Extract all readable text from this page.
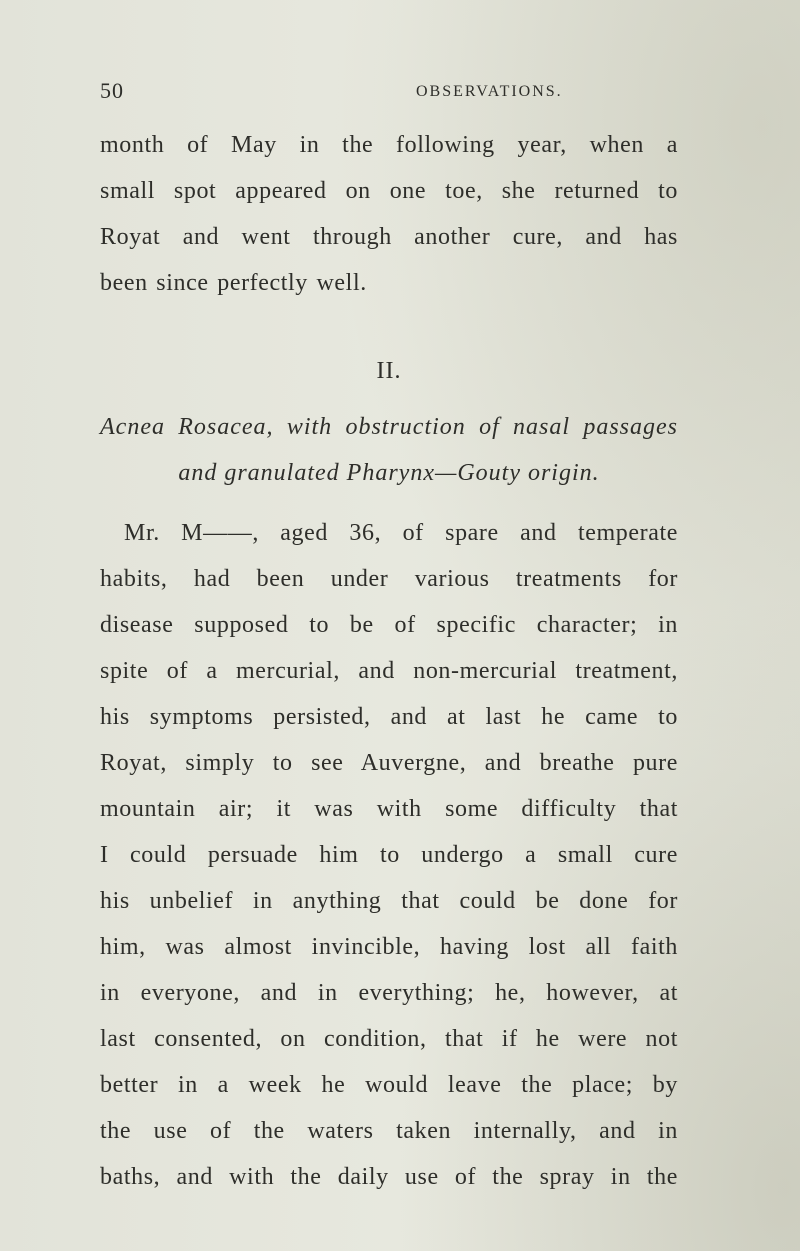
50	OBSERVATIONS.
month of May in the following year, when a
small spot appeared on one toe, she returned to
Royat and went through another cure, and has
been since perfectly well.
II.
Acnea Rosacea, with obstruction of nasal passages
and granulated Pharynx—Gouty origin.
Mr. M——, aged 36, of spare and temperate
habits, had been under various treatments for
disease supposed to be of specific character; in
spite of a mercurial, and non-mercurial treatment,
his symptoms persisted, and at last he came to
Royat, simply to see Auvergne, and breathe pure
mountain air; it was with some difficulty that
I could persuade him to undergo a small cure
his unbelief in anything that could be done for
him, was almost invincible, having lost all faith
in everyone, and in everything; he, however, at
last consented, on condition, that if he were not
better in a week he would leave the place; by
the use of the waters taken internally, and in
baths, and with the daily use of the spray in the
